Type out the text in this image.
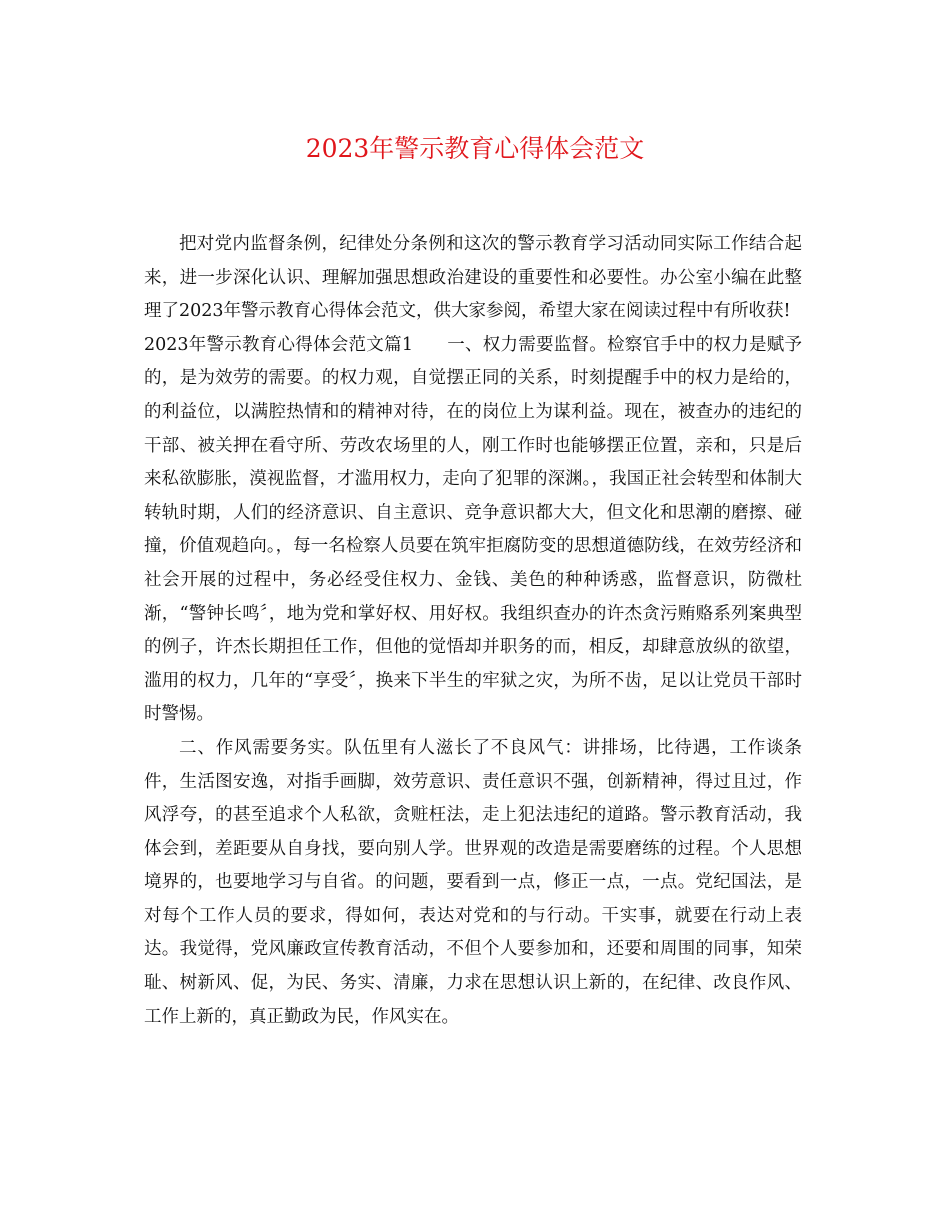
2023年警示教育心得体会范文

把对党内监督条例，纪律处分条例和这次的警示教育学习活动同实际工作结合起来，进一步深化认识、理解加强思想政治建设的重要性和必要性。办公室小编在此整理了2023年警示教育心得体会范文，供大家参阅，希望大家在阅读过程中有所收获!

2023年警示教育心得体会范文篇1 一、权力需要监督。检察官手中的权力是赋予的，是为效劳的需要。的权力观，自觉摆正同的关系，时刻提醒手中的权力是给的，的利益位，以满腔热情和的精神对待，在的岗位上为谋利益。现在，被查办的违纪的干部、被关押在看守所、劳改农场里的人，刚工作时也能够摆正位置，亲和，只是后来私欲膨胀，漠视监督，才滥用权力，走向了犯罪的深渊。，我国正社会转型和体制大转轨时期，人们的经济意识、自主意识、竞争意识都大大，但文化和思潮的磨擦、碰撞，价值观趋向。，每一名检察人员要在筑牢拒腐防变的思想道德防线，在效劳经济和社会开展的过程中，务必经受住权力、金钱、美色的种种诱惑，监督意识，防微杜渐，“警钟长鸣〞，地为党和掌好权、用好权。我组织查办的许杰贪污贿赂系列案典型的例子，许杰长期担任工作，但他的觉悟却并职务的而，相反，却肆意放纵的欲望，滥用的权力，几年的“享受〞，换来下半生的牢狱之灾，为所不齿，足以让党员干部时时警惕。

二、作风需要务实。队伍里有人滋长了不良风气：讲排场，比待遇，工作谈条件，生活图安逸，对指手画脚，效劳意识、责任意识不强，创新精神，得过且过，作风浮夸，的甚至追求个人私欲，贪赃枉法，走上犯法违纪的道路。警示教育活动，我体会到，差距要从自身找，要向别人学。世界观的改造是需要磨练的过程。个人思想境界的，也要地学习与自省。的问题，要看到一点，修正一点，一点。党纪国法，是对每个工作人员的要求，得如何，表达对党和的与行动。干实事，就要在行动上表达。我觉得，党风廉政宣传教育活动，不但个人要参加和，还要和周围的同事，知荣耻、树新风、促，为民、务实、清廉，力求在思想认识上新的，在纪律、改良作风、工作上新的，真正勤政为民，作风实在。
